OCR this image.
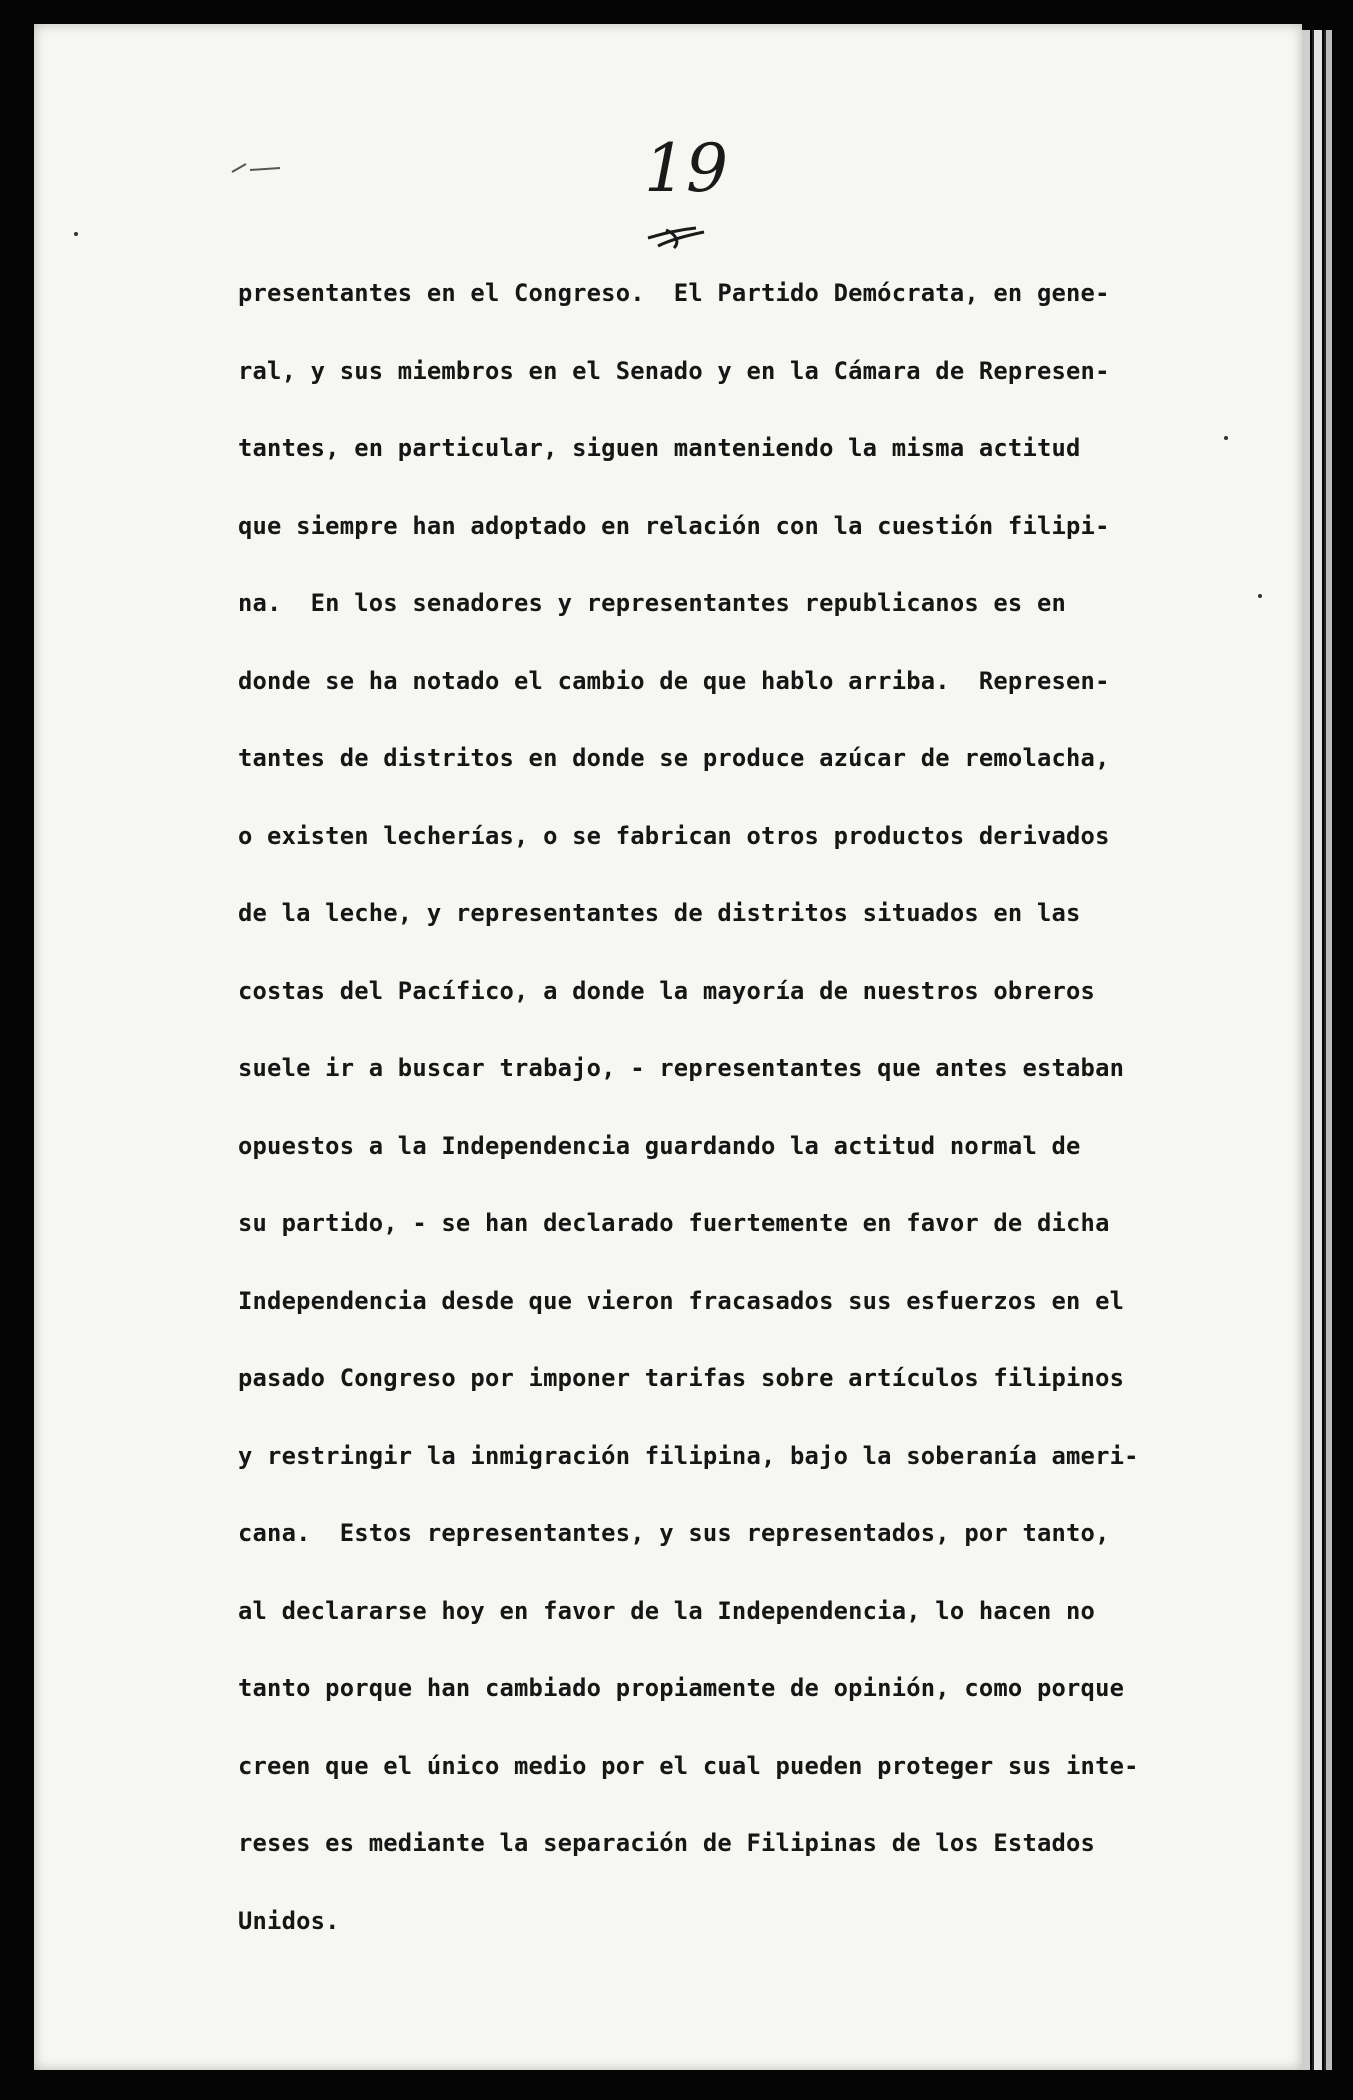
19
presentantes en el Congreso.  El Partido Demócrata, en gene-
ral, y sus miembros en el Senado y en la Cámara de Represen-
tantes, en particular, siguen manteniendo la misma actitud
que siempre han adoptado en relación con la cuestión filipi-
na.  En los senadores y representantes republicanos es en
donde se ha notado el cambio de que hablo arriba.  Represen-
tantes de distritos en donde se produce azúcar de remolacha,
o existen lecherías, o se fabrican otros productos derivados
de la leche, y representantes de distritos situados en las
costas del Pacífico, a donde la mayoría de nuestros obreros
suele ir a buscar trabajo, - representantes que antes estaban
opuestos a la Independencia guardando la actitud normal de
su partido, - se han declarado fuertemente en favor de dicha
Independencia desde que vieron fracasados sus esfuerzos en el
pasado Congreso por imponer tarifas sobre artículos filipinos
y restringir la inmigración filipina, bajo la soberanía ameri-
cana.  Estos representantes, y sus representados, por tanto,
al declararse hoy en favor de la Independencia, lo hacen no
tanto porque han cambiado propiamente de opinión, como porque
creen que el único medio por el cual pueden proteger sus inte-
reses es mediante la separación de Filipinas de los Estados
Unidos.
